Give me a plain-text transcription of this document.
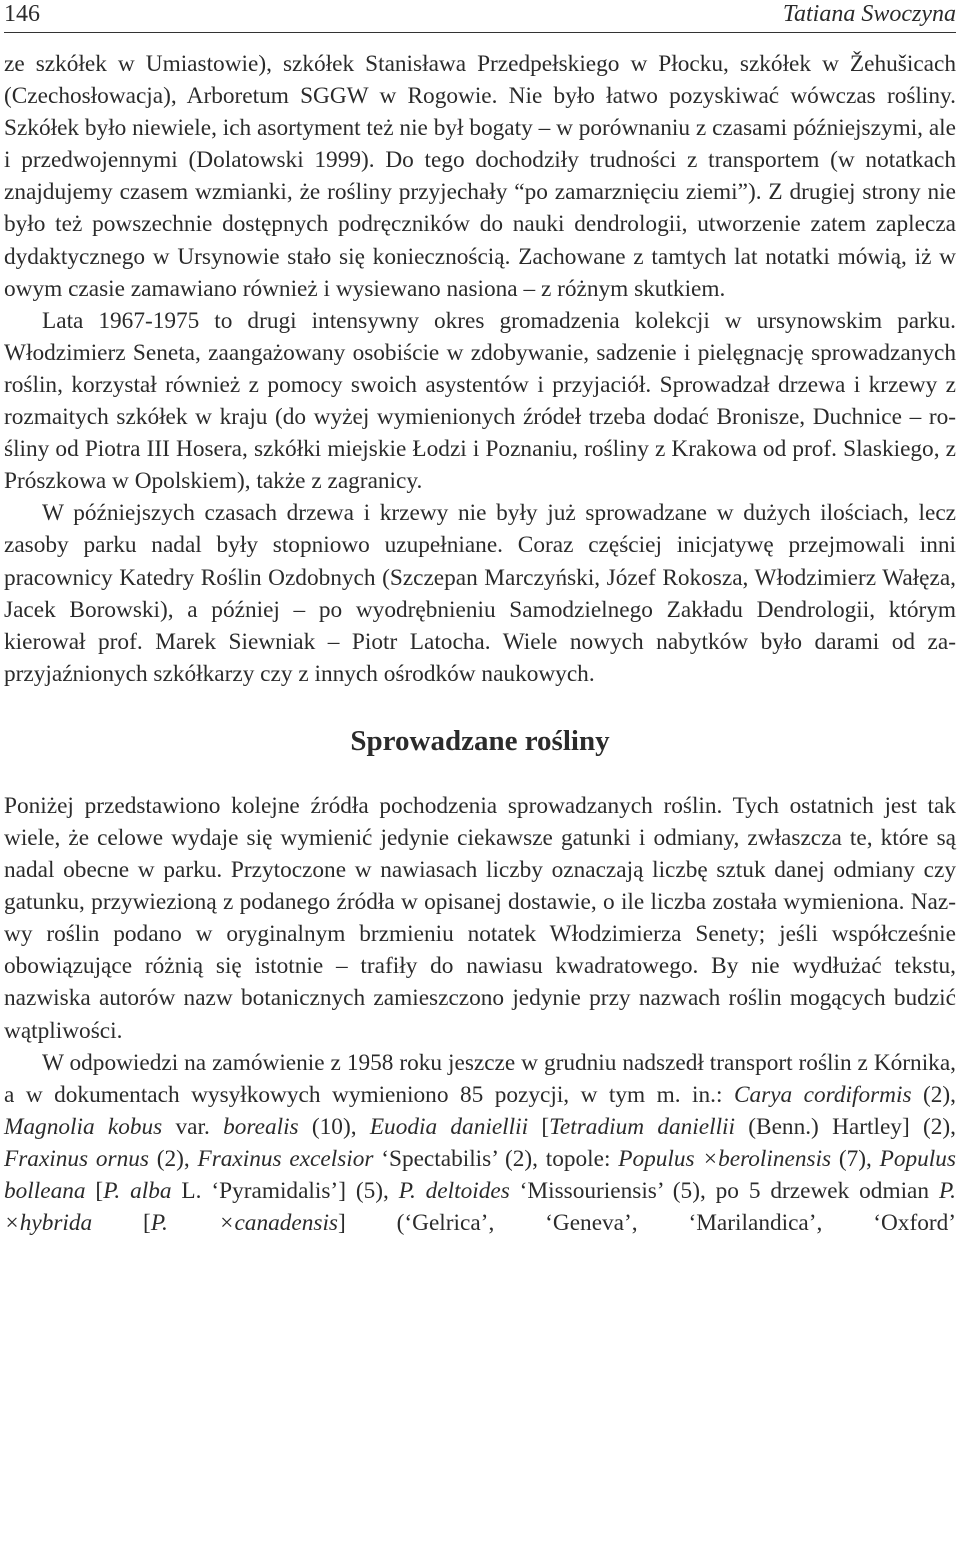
146	Tatiana Swoczyna

ze szkółek w Umiastowie), szkółek Stanisława Przedpełskiego w Płocku, szkółek w Žehušicach (Czechosłowacja), Arboretum SGGW w Rogowie. Nie było łatwo pozyskiwać wówczas rośliny. Szkółek było niewiele, ich asortyment też nie był bogaty – w porównaniu z czasami późniejszymi, ale i przedwojennymi (Dolatowski 1999). Do tego dochodziły trudności z transportem (w notatkach znajdujemy czasem wzmianki, że rośliny przyjechały “po zamarznięciu ziemi”). Z drugiej strony nie było też powszechnie dostępnych podręczników do nauki dendrologii, utworzenie zatem zaplecza dydaktycznego w Ursynowie stało się koniecznością. Zachowane z tamtych lat notatki mówią, iż w owym czasie zamawiano również i wysiewano nasiona – z różnym skutkiem.

Lata 1967-1975 to drugi intensywny okres gromadzenia kolekcji w ursynowskim parku. Włodzimierz Seneta, zaangażowany osobiście w zdobywanie, sadzenie i pielęgnację sprowadzanych roślin, korzystał również z pomocy swoich asystentów i przyjaciół. Sprowadzał drzewa i krzewy z rozmaitych szkółek w kraju (do wyżej wymienionych źródeł trzeba dodać Bronisze, Duchnice – rośliny od Piotra III Hosera, szkółki miejskie Łodzi i Poznaniu, rośliny z Krakowa od prof. Slaskiego, z Prószkowa w Opolskiem), także z zagranicy.

W późniejszych czasach drzewa i krzewy nie były już sprowadzane w dużych ilościach, lecz zasoby parku nadal były stopniowo uzupełniane. Coraz częściej inicjatywę przejmowali inni pracownicy Katedry Roślin Ozdobnych (Szczepan Marczyński, Józef Rokosza, Włodzimierz Wałęza, Jacek Borowski), a później – po wyodrębnieniu Samodzielnego Zakładu Dendrologii, którym kierował prof. Marek Siewniak – Piotr Latocha. Wiele nowych nabytków było darami od zaprzyjaźnionych szkółkarzy czy z innych ośrodków naukowych.

Sprowadzane rośliny

Poniżej przedstawiono kolejne źródła pochodzenia sprowadzanych roślin. Tych ostatnich jest tak wiele, że celowe wydaje się wymienić jedynie ciekawsze gatunki i odmiany, zwłaszcza te, które są nadal obecne w parku. Przytoczone w nawiasach liczby oznaczają liczbę sztuk danej odmiany czy gatunku, przywiezioną z podanego źródła w opisanej dostawie, o ile liczba została wymieniona. Nazwy roślin podano w oryginalnym brzmieniu notatek Włodzimierza Senety; jeśli współcześnie obowiązujące różnią się istotnie – trafiły do nawiasu kwadratowego. By nie wydłużać tekstu, nazwiska autorów nazw botanicznych zamieszczono jedynie przy nazwach roślin mogących budzić wątpliwości.

W odpowiedzi na zamówienie z 1958 roku jeszcze w grudniu nadszedł transport roślin z Kórnika, a w dokumentach wysyłkowych wymieniono 85 pozycji, w tym m. in.: Carya cordiformis (2), Magnolia kobus var. borealis (10), Euodia daniellii [Tetradium daniellii (Benn.) Hartley] (2), Fraxinus ornus (2), Fraxinus excelsior ‘Spectabilis’ (2), topole: Populus ×berolinensis (7), Populus bolleana [P. alba L. ‘Pyramidalis’] (5), P. deltoides ‘Missouriensis’ (5), po 5 drzewek odmian P. ×hybrida [P. ×canadensis] (‘Gelrica’, ‘Geneva’, ‘Marilandica’, ‘Oxford’
